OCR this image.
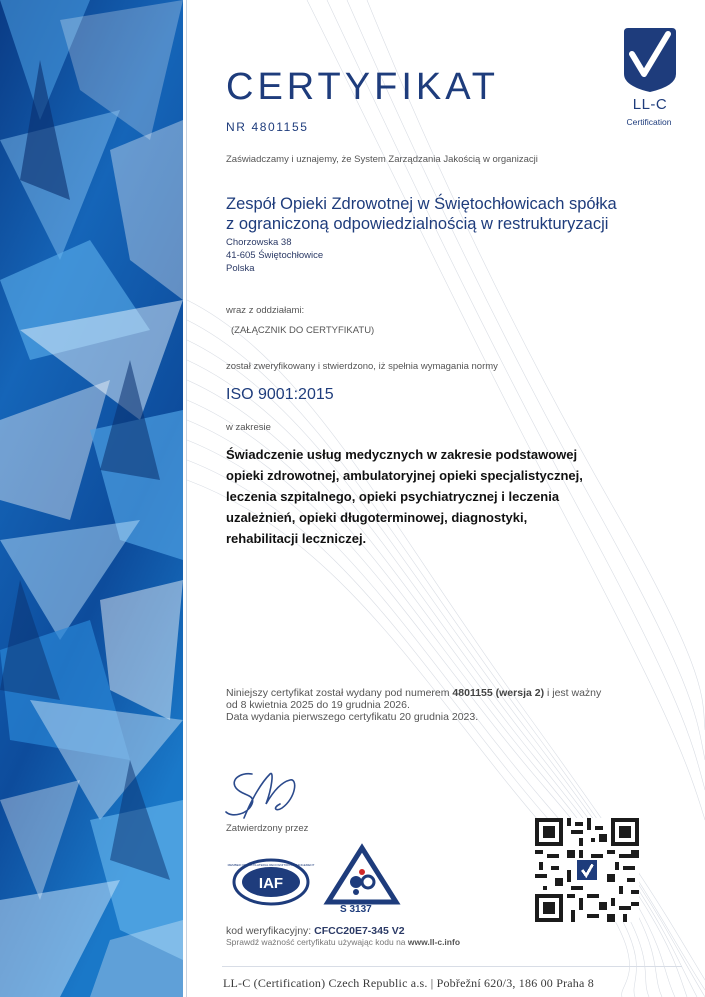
LL-C
Certification
CERTYFIKAT
NR 4801155
Zaświadczamy i uznajemy, że System Zarządzania Jakością w organizacji
Zespół Opieki Zdrowotnej w Świętochłowicach spółka
z ograniczoną odpowiedzialnością w restrukturyzacji
Chorzowska 38
41-605 Świętochłowice
Polska
wraz z oddziałami:
(ZAŁĄCZNIK DO CERTYFIKATU)
został zweryfikowany i stwierdzono, iż spełnia wymagania normy
ISO 9001:2015
w zakresie
Świadczenie usług medycznych w zakresie podstawowej
opieki zdrowotnej, ambulatoryjnej opieki specjalistycznej,
leczenia szpitalnego, opieki psychiatrycznej i leczenia
uzależnień, opieki długoterminowej, diagnostyki,
rehabilitacji leczniczej.
Niniejszy certyfikat został wydany pod numerem 4801155 (wersja 2) i jest ważny
od 8 kwietnia 2025 do 19 grudnia 2026.
Data wydania pierwszego certyfikatu 20 grudnia 2023.
Zatwierdzony przez
IAF
MEMBER OF MULTILATERAL RECOGNITION ARRANGEMENT
S 3137
kod weryfikacyjny: CFCC20E7-345 V2
Sprawdź ważność certyfikatu używając kodu na www.ll-c.info
LL-C (Certification) Czech Republic a.s. | Pobřežní 620/3, 186 00 Praha 8
